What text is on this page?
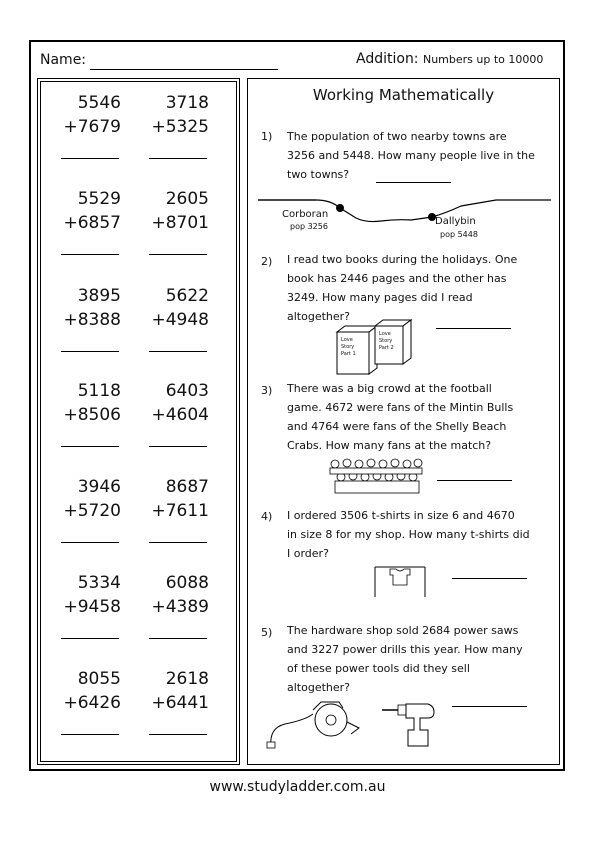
Name:	Addition: Numbers up to 10000
5546
+7679
3718
+5325
5529
+6857
2605
+8701
3895
+8388
5622
+4948
5118
+8506
6403
+4604
3946
+5720
8687
+7611
5334
+9458
6088
+4389
8055
+6426
2618
+6441
Working Mathematically
1) The population of two nearby towns are
3256 and 5448. How many people live in the
two towns?
Corboran
pop 3256	Dallybin
pop 5448
2) I read two books during the holidays. One
book has 2446 pages and the other has
3249. How many pages did I read
altogether?
Love
Story
Part 1
Love
Story
Part 2
3) There was a big crowd at the football
game. 4672 were fans of the Mintin Bulls
and 4764 were fans of the Shelly Beach
Crabs. How many fans at the match?
4) I ordered 3506 t-shirts in size 6 and 4670
in size 8 for my shop. How many t-shirts did
I order?
5) The hardware shop sold 2684 power saws
and 3227 power drills this year. How many
of these power tools did they sell
altogether?
www.studyladder.com.au
